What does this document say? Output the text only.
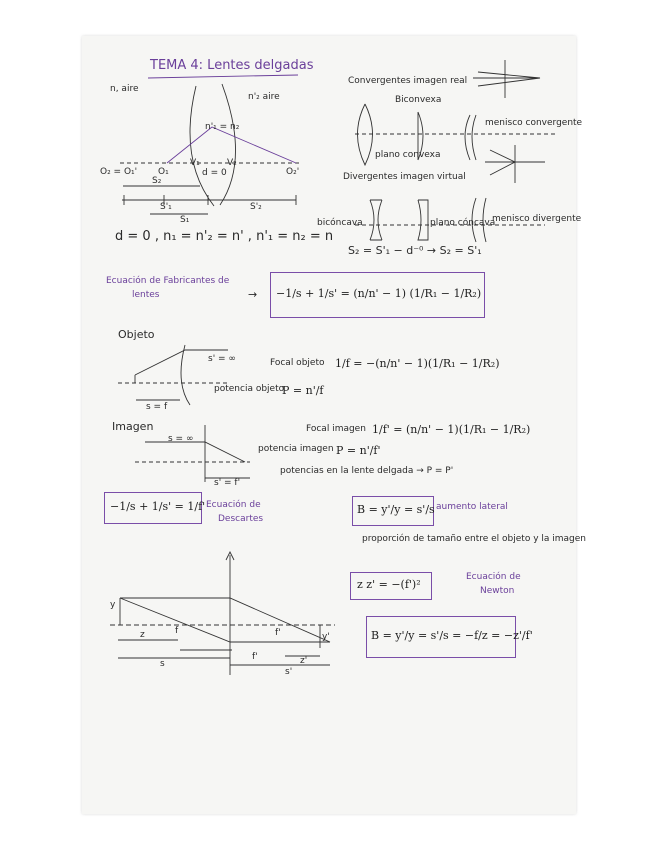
TEMA 4: Lentes delgadas
n, aire
n'₂ aire
n'₁ = n₂
O₂ = O₁' O₁
V₁	V₂
O₂'
d = 0
S₂
S'₁
S₁
S'₂
d = 0 , n₁ = n'₂ = n' , n'₁ = n₂ = n
Convergentes imagen real
Biconvexa
plano convexa
menisco convergente
Divergentes imagen virtual
bicóncava	plano cóncava
menisco divergente
S₂ = S'₁ − d⁻⁰ → S₂ = S'₁
Ecuación de Fabricantes de
lentes	→ −1/s + 1/s' = (n/n' − 1) (1/R₁ − 1/R₂)
Objeto
s' = ∞
s = f
Focal objeto 1/f = −(n/n' − 1)(1/R₁ − 1/R₂)
potencia objeto
P = n'/f
Imagen
s = ∞
s' = f'
Focal imagen 1/f' = (n/n' − 1)(1/R₁ − 1/R₂)
potencia imagen P = n'/f'
potencias en la lente delgada → P = P'
−1/s + 1/s' = 1/f' Ecuación de
Descartes
B = y'/y = s'/s aumento lateral
proporción de tamaño entre el objeto y la imagen
z z' = −(f')²
Ecuación de
Newton
B = y'/y = s'/s = −f/z = −z'/f'
y
z	f	f'	y'
s
f'	z'
s'
